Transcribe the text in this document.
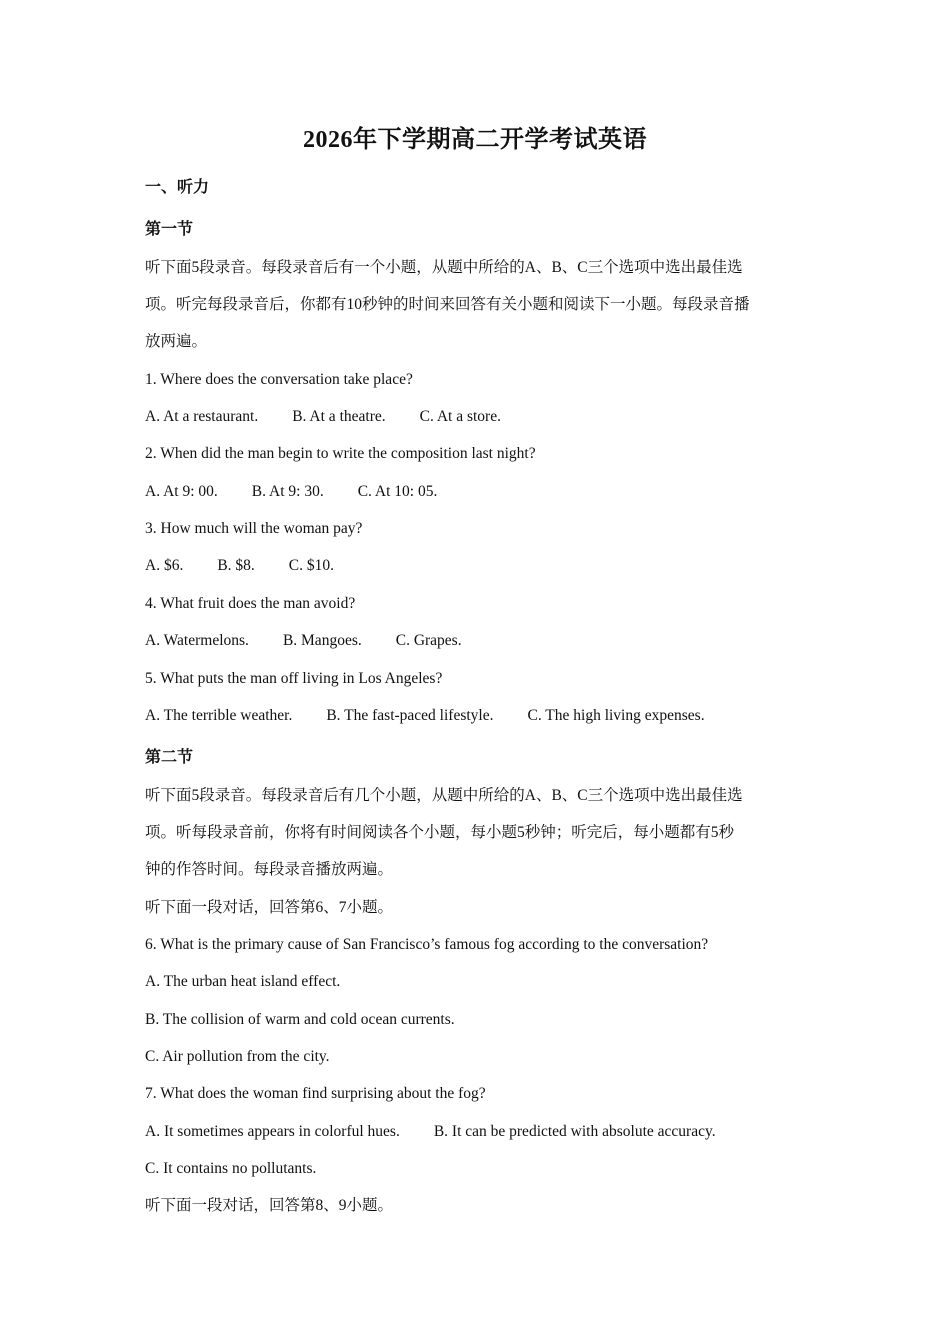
2026年下学期高二开学考试英语
一、听力
第一节
听下面5段录音。每段录音后有一个小题，从题中所给的A、B、C三个选项中选出最佳选
项。听完每段录音后，你都有10秒钟的时间来回答有关小题和阅读下一小题。每段录音播
放两遍。
1. Where does the conversation take place?
A. At a restaurant. B. At a theatre. C. At a store.
2. When did the man begin to write the composition last night?
A. At 9: 00. B. At 9: 30. C. At 10: 05.
3. How much will the woman pay?
A. $6. B. $8. C. $10.
4. What fruit does the man avoid?
A. Watermelons. B. Mangoes. C. Grapes.
5. What puts the man off living in Los Angeles?
A. The terrible weather. B. The fast-paced lifestyle. C. The high living expenses.
第二节
听下面5段录音。每段录音后有几个小题，从题中所给的A、B、C三个选项中选出最佳选
项。听每段录音前，你将有时间阅读各个小题，每小题5秒钟；听完后，每小题都有5秒
钟的作答时间。每段录音播放两遍。
听下面一段对话，回答第6、7小题。
6. What is the primary cause of San Francisco’s famous fog according to the conversation?
A. The urban heat island effect.
B. The collision of warm and cold ocean currents.
C. Air pollution from the city.
7. What does the woman find surprising about the fog?
A. It sometimes appears in colorful hues. B. It can be predicted with absolute accuracy.
C. It contains no pollutants.
听下面一段对话，回答第8、9小题。
